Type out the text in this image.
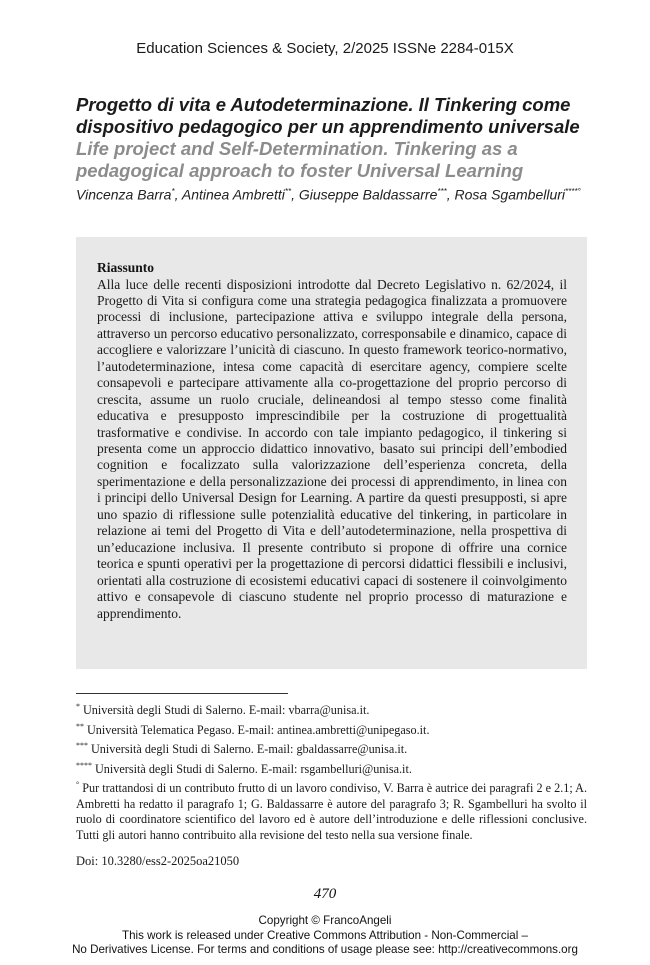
Education Sciences & Society, 2/2025 ISSNe 2284-015X

Progetto di vita e Autodeterminazione. Il Tinkering come dispositivo pedagogico per un apprendimento universale

Life project and Self-Determination. Tinkering as a pedagogical approach to foster Universal Learning

Vincenza Barra*, Antinea Ambretti**, Giuseppe Baldassarre***, Rosa Sgambelluri****°

Riassunto

Alla luce delle recenti disposizioni introdotte dal Decreto Legislativo n. 62/2024, il Progetto di Vita si configura come una strategia pedagogica finalizzata a promuovere processi di inclusione, partecipazione attiva e sviluppo integrale della persona, attraverso un percorso educativo personalizzato, corresponsabile e dinamico, capace di accogliere e valorizzare l’unicità di ciascuno. In questo framework teorico-normativo, l’autodeterminazione, intesa come capacità di esercitare agency, compiere scelte consapevoli e partecipare attivamente alla co-progettazione del proprio percorso di crescita, assume un ruolo cruciale, delineandosi al tempo stesso come finalità educativa e presupposto imprescindibile per la costruzione di progettualità trasformative e condivise. In accordo con tale impianto pedagogico, il tinkering si presenta come un approccio didattico innovativo, basato sui principi dell’embodied cognition e focalizzato sulla valorizzazione dell’esperienza concreta, della sperimentazione e della personalizzazione dei processi di apprendimento, in linea con i principi dello Universal Design for Learning. A partire da questi presupposti, si apre uno spazio di riflessione sulle potenzialità educative del tinkering, in particolare in relazione ai temi del Progetto di Vita e dell’autodeterminazione, nella prospettiva di un’educazione inclusiva. Il presente contributo si propone di offrire una cornice teorica e spunti operativi per la progettazione di percorsi didattici flessibili e inclusivi, orientati alla costruzione di ecosistemi educativi capaci di sostenere il coinvolgimento attivo e consapevole di ciascuno studente nel proprio processo di maturazione e apprendimento.

* Università degli Studi di Salerno. E-mail: vbarra@unisa.it.

** Università Telematica Pegaso. E-mail: antinea.ambretti@unipegaso.it.

*** Università degli Studi di Salerno. E-mail: gbaldassarre@unisa.it.

**** Università degli Studi di Salerno. E-mail: rsgambelluri@unisa.it.

° Pur trattandosi di un contributo frutto di un lavoro condiviso, V. Barra è autrice dei paragrafi 2 e 2.1; A. Ambretti ha redatto il paragrafo 1; G. Baldassarre è autore del paragrafo 3; R. Sgambelluri ha svolto il ruolo di coordinatore scientifico del lavoro ed è autore dell’introduzione e delle riflessioni conclusive. Tutti gli autori hanno contribuito alla revisione del testo nella sua versione finale.

Doi: 10.3280/ess2-2025oa21050
470
Copyright © FrancoAngeli
This work is released under Creative Commons Attribution - Non-Commercial –
No Derivatives License. For terms and conditions of usage please see: http://creativecommons.org
